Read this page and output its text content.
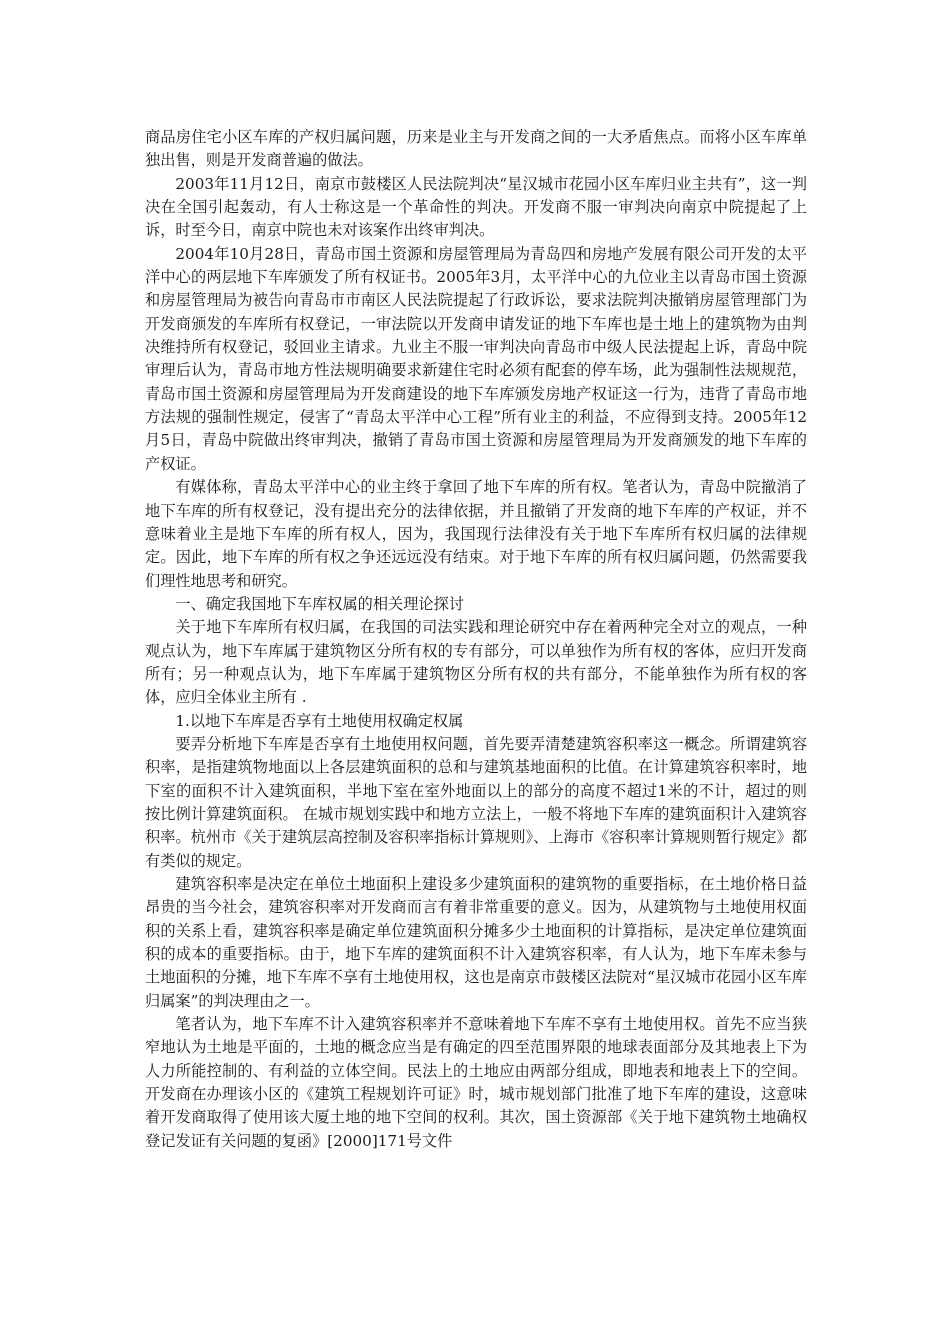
商品房住宅小区车库的产权归属问题，历来是业主与开发商之间的一大矛盾焦点。而将小区车库单独出售，则是开发商普遍的做法。

2003年11月12日，南京市鼓楼区人民法院判决“星汉城市花园小区车库归业主共有”，这一判决在全国引起轰动，有人士称这是一个革命性的判决。开发商不服一审判决向南京中院提起了上诉，时至今日，南京中院也未对该案作出终审判决。

2004年10月28日，青岛市国土资源和房屋管理局为青岛四和房地产发展有限公司开发的太平洋中心的两层地下车库颁发了所有权证书。2005年3月，太平洋中心的九位业主以青岛市国土资源和房屋管理局为被告向青岛市市南区人民法院提起了行政诉讼，要求法院判决撤销房屋管理部门为开发商颁发的车库所有权登记，一审法院以开发商申请发证的地下车库也是土地上的建筑物为由判决维持所有权登记，驳回业主请求。九业主不服一审判决向青岛市中级人民法提起上诉，青岛中院审理后认为，青岛市地方性法规明确要求新建住宅时必须有配套的停车场，此为强制性法规规范，青岛市国土资源和房屋管理局为开发商建设的地下车库颁发房地产权证这一行为，违背了青岛市地方法规的强制性规定，侵害了“青岛太平洋中心工程”所有业主的利益，不应得到支持。2005年12月5日，青岛中院做出终审判决，撤销了青岛市国土资源和房屋管理局为开发商颁发的地下车库的产权证。

有媒体称，青岛太平洋中心的业主终于拿回了地下车库的所有权。笔者认为，青岛中院撤消了地下车库的所有权登记，没有提出充分的法律依据，并且撤销了开发商的地下车库的产权证，并不意味着业主是地下车库的所有权人，因为，我国现行法律没有关于地下车库所有权归属的法律规定。因此，地下车库的所有权之争还远远没有结束。对于地下车库的所有权归属问题，仍然需要我们理性地思考和研究。

一、确定我国地下车库权属的相关理论探讨

关于地下车库所有权归属，在我国的司法实践和理论研究中存在着两种完全对立的观点，一种观点认为，地下车库属于建筑物区分所有权的专有部分，可以单独作为所有权的客体，应归开发商所有；另一种观点认为，地下车库属于建筑物区分所有权的共有部分，不能单独作为所有权的客体，应归全体业主所有 .

1.以地下车库是否享有土地使用权确定权属

要弄分析地下车库是否享有土地使用权问题，首先要弄清楚建筑容积率这一概念。所谓建筑容积率，是指建筑物地面以上各层建筑面积的总和与建筑基地面积的比值。在计算建筑容积率时，地下室的面积不计入建筑面积，半地下室在室外地面以上的部分的高度不超过1米的不计，超过的则按比例计算建筑面积。 在城市规划实践中和地方立法上，一般不将地下车库的建筑面积计入建筑容积率。杭州市《关于建筑层高控制及容积率指标计算规则》、上海市《容积率计算规则暂行规定》都有类似的规定。

建筑容积率是决定在单位土地面积上建设多少建筑面积的建筑物的重要指标，在土地价格日益昂贵的当今社会，建筑容积率对开发商而言有着非常重要的意义。因为，从建筑物与土地使用权面积的关系上看，建筑容积率是确定单位建筑面积分摊多少土地面积的计算指标，是决定单位建筑面积的成本的重要指标。由于，地下车库的建筑面积不计入建筑容积率，有人认为，地下车库未参与土地面积的分摊，地下车库不享有土地使用权，这也是南京市鼓楼区法院对“星汉城市花园小区车库归属案”的判决理由之一。

笔者认为，地下车库不计入建筑容积率并不意味着地下车库不享有土地使用权。首先不应当狭窄地认为土地是平面的，土地的概念应当是有确定的四至范围界限的地球表面部分及其地表上下为人力所能控制的、有利益的立体空间。民法上的土地应由两部分组成，即地表和地表上下的空间。开发商在办理该小区的《建筑工程规划许可证》时，城市规划部门批准了地下车库的建设，这意味着开发商取得了使用该大厦土地的地下空间的权利。其次，国土资源部《关于地下建筑物土地确权登记发证有关问题的复函》[2000]171号文件
